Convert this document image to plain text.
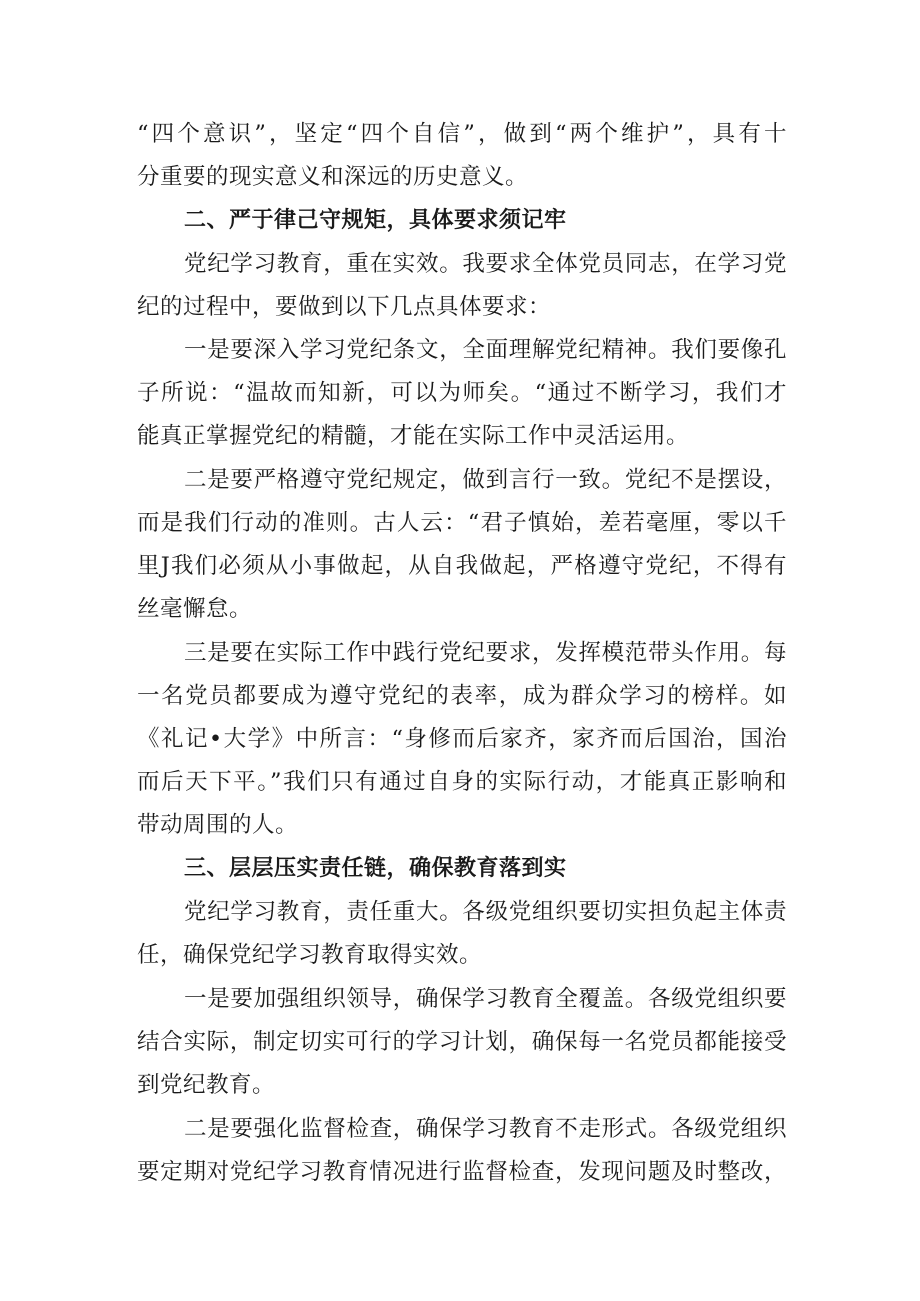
“四个意识”，坚定“四个自信”，做到“两个维护”，具有十
分重要的现实意义和深远的历史意义。
二、严于律己守规矩，具体要求须记牢
党纪学习教育，重在实效。我要求全体党员同志，在学习党
纪的过程中，要做到以下几点具体要求：
一是要深入学习党纪条文，全面理解党纪精神。我们要像孔
子所说：“温故而知新，可以为师矣。“通过不断学习，我们才
能真正掌握党纪的精髓，才能在实际工作中灵活运用。
二是要严格遵守党纪规定，做到言行一致。党纪不是摆设，
而是我们行动的准则。古人云：“君子慎始，差若毫厘，零以千
里J我们必须从小事做起，从自我做起，严格遵守党纪，不得有
丝毫懈怠。
三是要在实际工作中践行党纪要求，发挥模范带头作用。每
一名党员都要成为遵守党纪的表率，成为群众学习的榜样。如
《礼记•大学》中所言：“身修而后家齐，家齐而后国治，国治
而后天下平。”我们只有通过自身的实际行动，才能真正影响和
带动周围的人。
三、层层压实责任链，确保教育落到实
党纪学习教育，责任重大。各级党组织要切实担负起主体责
任，确保党纪学习教育取得实效。
一是要加强组织领导，确保学习教育全覆盖。各级党组织要
结合实际，制定切实可行的学习计划，确保每一名党员都能接受
到党纪教育。
二是要强化监督检查，确保学习教育不走形式。各级党组织
要定期对党纪学习教育情况进行监督检查，发现问题及时整改，
